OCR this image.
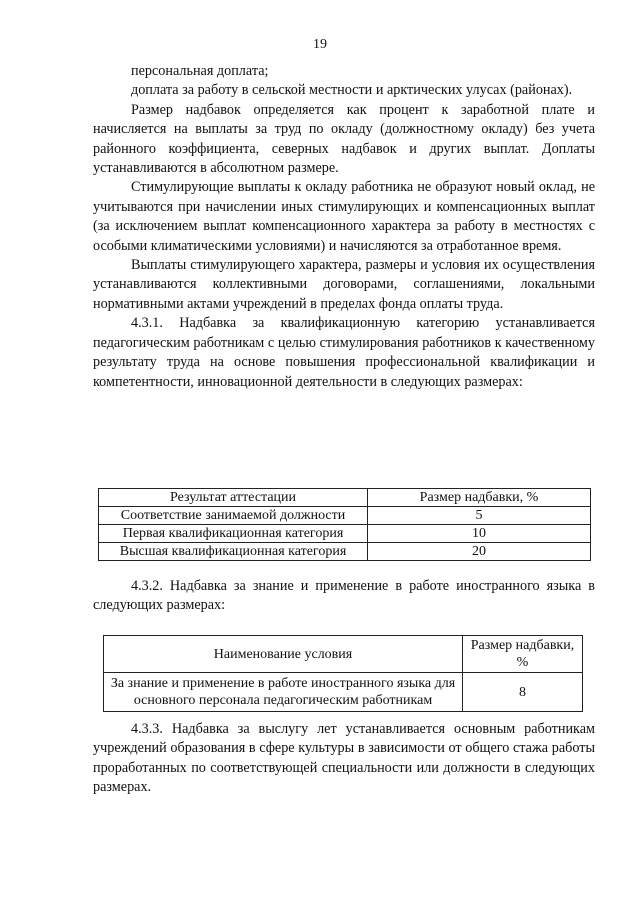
19

персональная доплата;

доплата за работу в сельской местности и арктических улусах (районах).

Размер надбавок определяется как процент к заработной плате и начисляется на выплаты за труд по окладу (должностному окладу) без учета районного коэффициента, северных надбавок и других выплат. Доплаты устанавливаются в абсолютном размере.

Стимулирующие выплаты к окладу работника не образуют новый оклад, не учитываются при начислении иных стимулирующих и компенсационных выплат (за исключением выплат компенсационного характера за работу в местностях с особыми климатическими условиями) и начисляются за отработанное время.

Выплаты стимулирующего характера, размеры и условия их осуществления устанавливаются коллективными договорами, соглашениями, локальными нормативными актами учреждений в пределах фонда оплаты труда.

4.3.1. Надбавка за квалификационную категорию устанавливается педагогическим работникам с целью стимулирования работников к качественному результату труда на основе повышения профессиональной квалификации и компетентности, инновационной деятельности в следующих размерах:

Результат аттестации	Размер надбавки, %
Соответствие занимаемой должности	5
Первая квалификационная категория	10
Высшая квалификационная категория	20

4.3.2. Надбавка за знание и применение в работе иностранного языка в следующих размерах:

Наименование условия	Размер надбавки, %
За знание и применение в работе иностранного языка для основного персонала педагогическим работникам	8

4.3.3. Надбавка за выслугу лет устанавливается основным работникам учреждений образования в сфере культуры в зависимости от общего стажа работы проработанных по соответствующей специальности или должности в следующих размерах.
